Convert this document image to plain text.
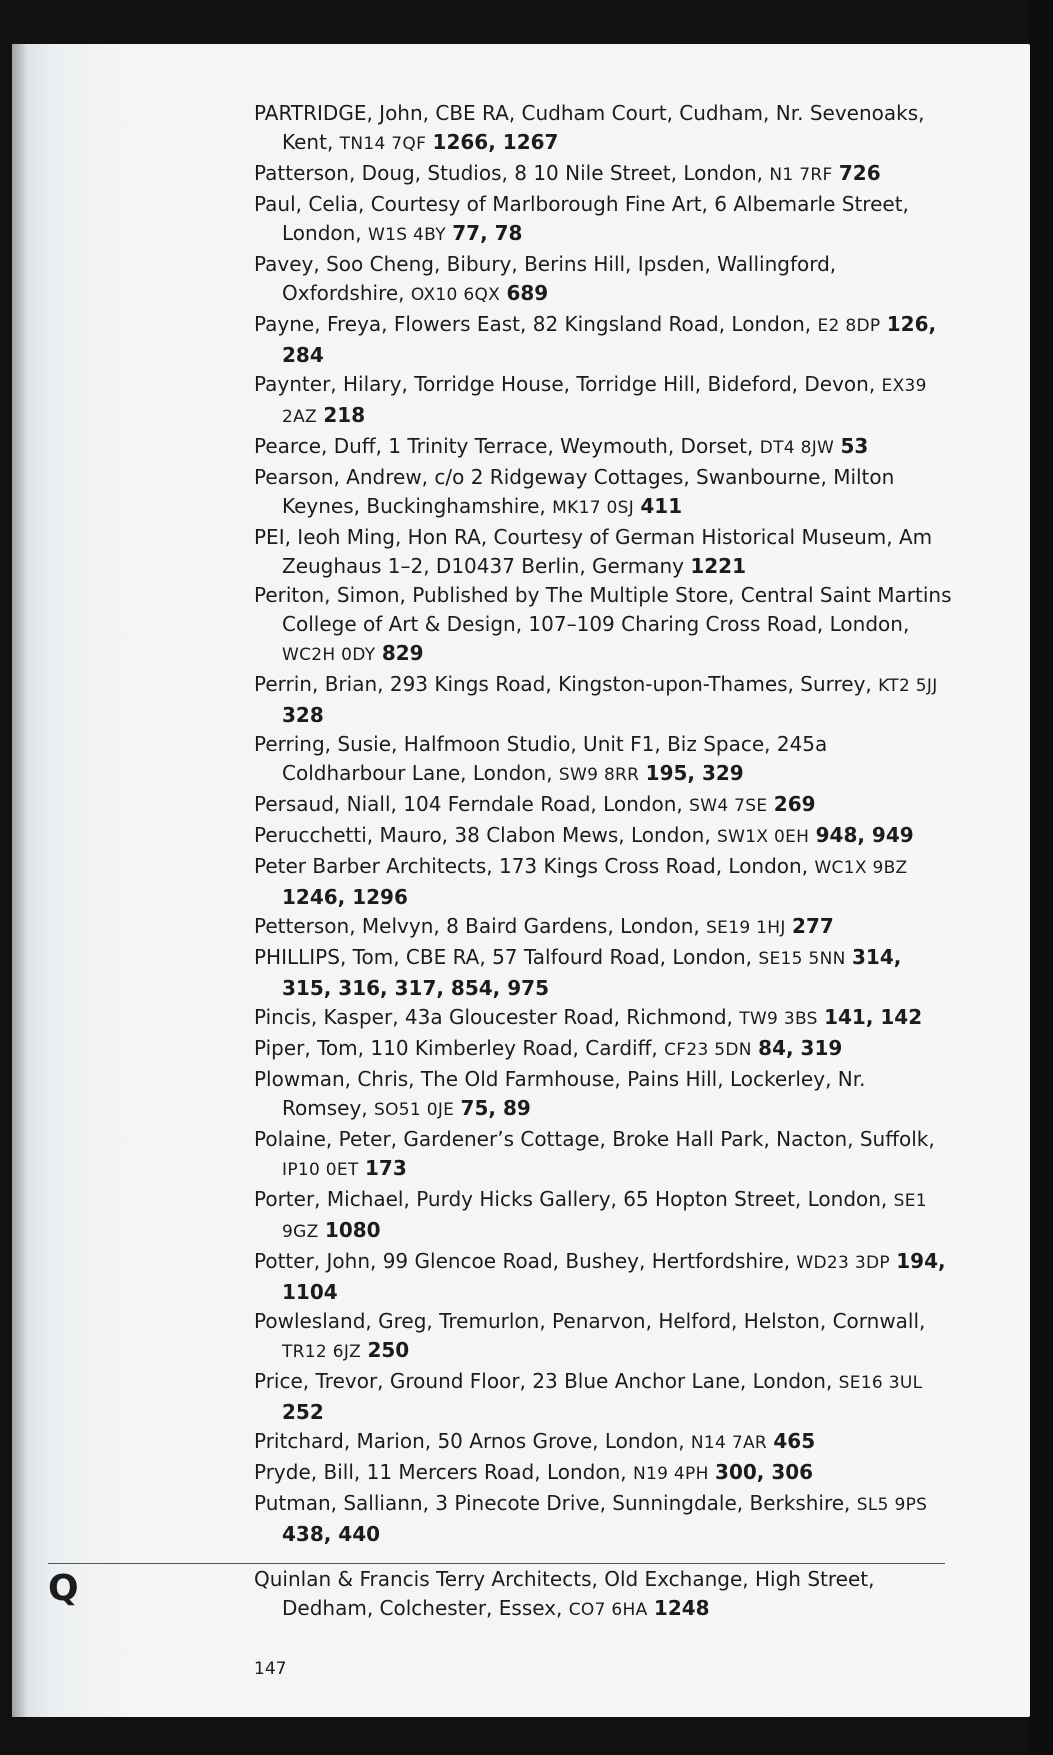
PARTRIDGE, John, CBE RA, Cudham Court, Cudham, Nr. Sevenoaks, Kent, TN14 7QF 1266, 1267

Patterson, Doug, Studios, 8 10 Nile Street, London, N1 7RF 726

Paul, Celia, Courtesy of Marlborough Fine Art, 6 Albemarle Street, London, W1S 4BY 77, 78

Pavey, Soo Cheng, Bibury, Berins Hill, Ipsden, Wallingford, Oxfordshire, OX10 6QX 689

Payne, Freya, Flowers East, 82 Kingsland Road, London, E2 8DP 126, 284

Paynter, Hilary, Torridge House, Torridge Hill, Bideford, Devon, EX39 2AZ 218

Pearce, Duff, 1 Trinity Terrace, Weymouth, Dorset, DT4 8JW 53

Pearson, Andrew, c/o 2 Ridgeway Cottages, Swanbourne, Milton Keynes, Buckinghamshire, MK17 0SJ 411

PEI, Ieoh Ming, Hon RA, Courtesy of German Historical Museum, Am Zeughaus 1–2, D10437 Berlin, Germany 1221

Periton, Simon, Published by The Multiple Store, Central Saint Martins College of Art & Design, 107–109 Charing Cross Road, London, WC2H 0DY 829

Perrin, Brian, 293 Kings Road, Kingston-upon-Thames, Surrey, KT2 5JJ 328

Perring, Susie, Halfmoon Studio, Unit F1, Biz Space, 245a Coldharbour Lane, London, SW9 8RR 195, 329

Persaud, Niall, 104 Ferndale Road, London, SW4 7SE 269

Perucchetti, Mauro, 38 Clabon Mews, London, SW1X 0EH 948, 949

Peter Barber Architects, 173 Kings Cross Road, London, WC1X 9BZ 1246, 1296

Petterson, Melvyn, 8 Baird Gardens, London, SE19 1HJ 277

PHILLIPS, Tom, CBE RA, 57 Talfourd Road, London, SE15 5NN 314, 315, 316, 317, 854, 975

Pincis, Kasper, 43a Gloucester Road, Richmond, TW9 3BS 141, 142

Piper, Tom, 110 Kimberley Road, Cardiff, CF23 5DN 84, 319

Plowman, Chris, The Old Farmhouse, Pains Hill, Lockerley, Nr. Romsey, SO51 0JE 75, 89

Polaine, Peter, Gardener’s Cottage, Broke Hall Park, Nacton, Suffolk, IP10 0ET 173

Porter, Michael, Purdy Hicks Gallery, 65 Hopton Street, London, SE1 9GZ 1080

Potter, John, 99 Glencoe Road, Bushey, Hertfordshire, WD23 3DP 194, 1104

Powlesland, Greg, Tremurlon, Penarvon, Helford, Helston, Cornwall, TR12 6JZ 250

Price, Trevor, Ground Floor, 23 Blue Anchor Lane, London, SE16 3UL 252

Pritchard, Marion, 50 Arnos Grove, London, N14 7AR 465

Pryde, Bill, 11 Mercers Road, London, N19 4PH 300, 306

Putman, Salliann, 3 Pinecote Drive, Sunningdale, Berkshire, SL5 9PS 438, 440

Q	Quinlan & Francis Terry Architects, Old Exchange, High Street, Dedham, Colchester, Essex, CO7 6HA 1248

147
